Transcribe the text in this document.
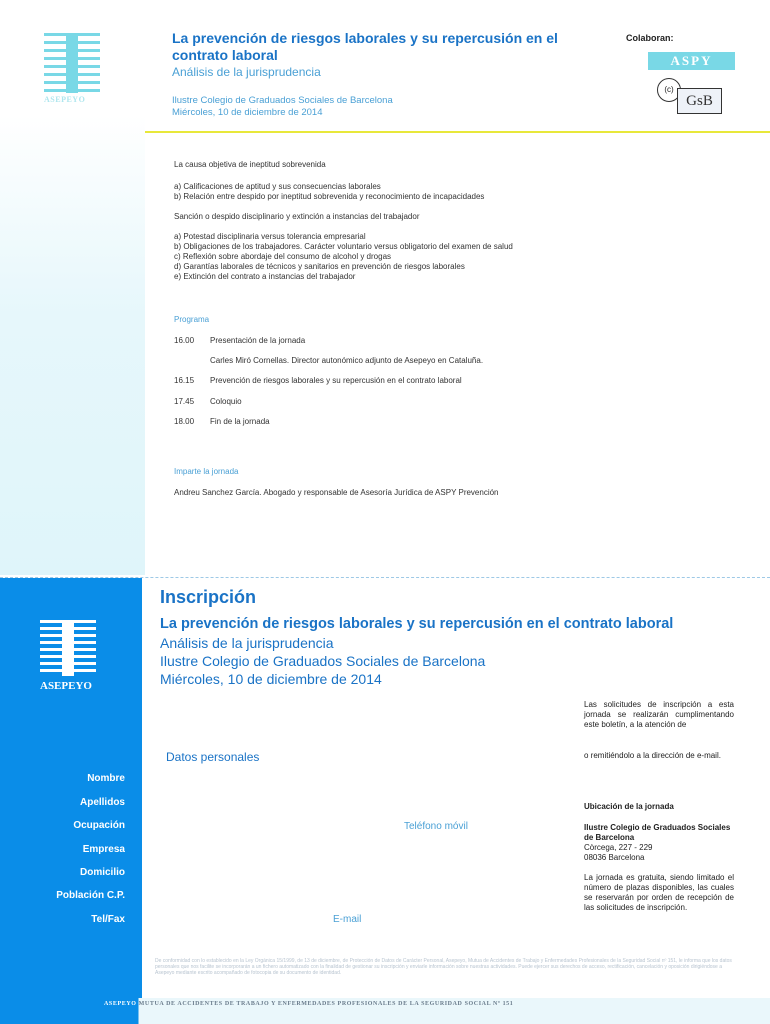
ASEPEYO
La prevención de riesgos laborales y su repercusión en el contrato laboral
Análisis de la jurisprudencia
Ilustre Colegio de Graduados Sociales de Barcelona
Miércoles, 10 de diciembre de 2014
Colaboran:
ASPY
(c)
GsB
La causa objetiva de ineptitud sobrevenida
a) Calificaciones de aptitud y sus consecuencias laborales
b) Relación entre despido por ineptitud sobrevenida y reconocimiento de incapacidades
Sanción o despido disciplinario y extinción a instancias del trabajador
a) Potestad disciplinaria versus tolerancia empresarial
b) Obligaciones de los trabajadores. Carácter voluntario versus obligatorio del examen de salud
c) Reflexión sobre abordaje del consumo de alcohol y drogas
d) Garantías laborales de técnicos y sanitarios en prevención de riesgos laborales
e) Extinción del contrato a instancias del trabajador
Programa
16.00 Presentación de la jornada
Carles Miró Cornellas. Director autonómico adjunto de Asepeyo en Cataluña.
16.15 Prevención de riesgos laborales y su repercusión en el contrato laboral
17.45 Coloquio
18.00 Fin de la jornada
Imparte la jornada
Andreu Sanchez García. Abogado y responsable de Asesoría Jurídica de ASPY Prevención
ASEPEYO
Nombre
Apellidos
Ocupación
Empresa
Domicilio
Población C.P.
Tel/Fax
Inscripción
La prevención de riesgos laborales y su repercusión en el contrato laboral
Análisis de la jurisprudencia
Ilustre Colegio de Graduados Sociales de Barcelona
Miércoles, 10 de diciembre de 2014
Datos personales
Teléfono móvil
E-mail
Las solicitudes de inscripción a esta jornada se realizarán cumplimentando este boletín, a la atención de
o remitiéndolo a la dirección de e-mail.
Ubicación de la jornada
Ilustre Colegio de Graduados Sociales de Barcelona
Còrcega, 227 - 229
08036 Barcelona
La jornada es gratuita, siendo limitado el número de plazas disponibles, las cuales se reservarán por orden de recepción de las solicitudes de inscripción.
De conformidad con lo establecido en la Ley Orgánica 15/1999, de 13 de diciembre, de Protección de Datos de Carácter Personal, Asepeyo, Mutua de Accidentes de Trabajo y Enfermedades Profesionales de la Seguridad Social nº 151, le informa que los datos personales que nos facilite se incorporarán a un fichero automatizado con la finalidad de gestionar su inscripción y enviarle información sobre nuestras actividades. Puede ejercer sus derechos de acceso, rectificación, cancelación y oposición dirigiéndose a Asepeyo mediante escrito acompañado de fotocopia de su documento de identidad.
ASEPEYO MUTUA DE ACCIDENTES DE TRABAJO Y ENFERMEDADES PROFESIONALES DE LA SEGURIDAD SOCIAL Nº 151
